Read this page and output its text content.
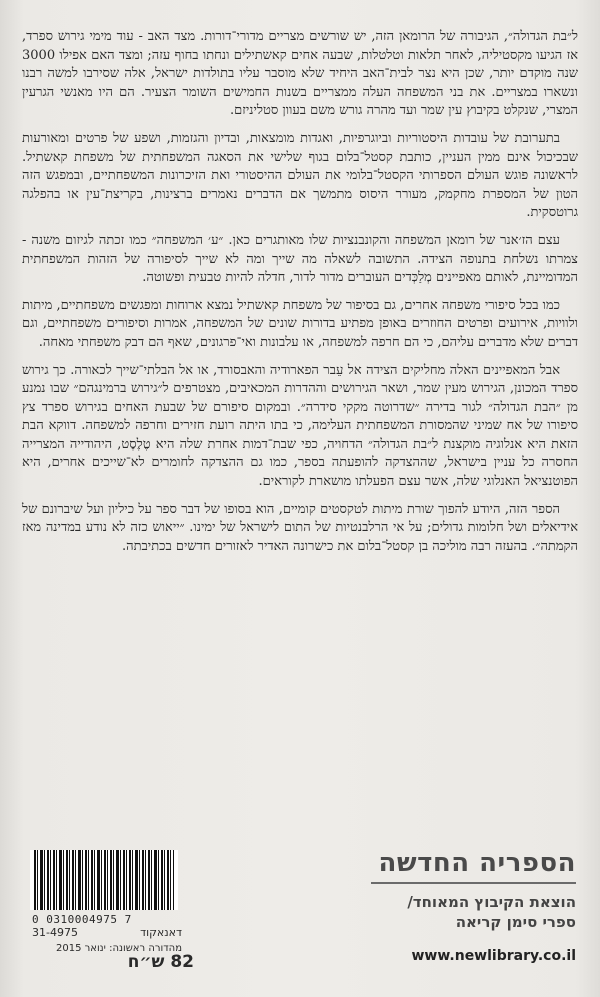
ל״בת הגדולה״, הגיבורה של הרומאן הזה, יש שורשים מצריים מדורי־דורות. מצד האב - עוד מימי גירוש ספרד, אז הגיעו מקסטיליה, לאחר תלאות וטלטלות, שבעה אחים קאשתילים ונחתו בחוף עזה; ומצד האם אפילו 3000 שנה מוקדם יותר, שכן היא נצר לבית־האב היחיד שלא מוסבר עליו בתולדות ישראל, אלה שסירבו למשה רבנו ונשארו במצריים. את בני המשפחה העלה ממצריים בשנות החמישים השומר הצעיר. הם היו מאנשי הגרעין המצרי, שנקלט בקיבוץ עין שמר ועד מהרה גורש משם בעוון סטליניזם.

בתערובת של עובדות היסטוריות וביוגרפיות, ואגדות מומצאות, ובדיון והגזמות, ושפע של פרטים ומאורעות שבכיכול אינם ממין העניין, כותבת קסטל־בלום בגוף שלישי את הסאגה המשפחתית של משפחת קאשתיל. לראשונה פוגש העולם הספרותי הקסטל־בלומי את העולם ההיסטורי ואת הזיכרונות המשפחתיים, ובמפגש הזה הטון של המספרת מחקמק, מעורר היסוס מתמשך אם הדברים נאמרים ברצינות, בקריצת־עין או בהפלגה גרוטסקית.

עצם הז׳אנר של רומאן המשפחה והקונבנציות שלו מאותגרים כאן. ״ע׳ המשפחה״ כמו זכתה לגיזום משנה - צמרתו נשלחת בתנופה הצידה. התשובה לשאלה מה שייך ומה לא שייך לסיפורה של הזהות המשפחתית המדומיינת, לאותם מאפיינים מְלַכְּדים העוברים מדור לדור, חדלה להיות טבעית ופשוטה.

כמו בכל סיפורי משפחה אחרים, גם בסיפור של משפחת קאשתיל נמצא ארוחות ומפגשים משפחתיים, מיתות ולוויות, אירועים ופרטים החוזרים באופן מפתיע בדורות שונים של המשפחה, אמרות וסיפורים משפחתיים, וגם דברים שלא מדברים עליהם, כי הם חרפה למשפחה, או עלבונות ואי־פרגונים, שאף הם דבק משפחתי מאחה.

אבל המאפיינים האלה מחליקים הצידה אל עֵבר הפארודיה והאבסורד, או אל הבלתי־שייך לכאורה. כך גירוש ספרד המכונן, הגירוש מעין שמר, ושאר הגירושים וההדרות המכאיבים, מצטרפים ל״גירוש ברמינגהם״ שבו נמנע מן ״הבת הגדולה״ לגור בדירה ״שדרוטה מקקי סידרה״. ובמקום סיפורם של שבעת האחים בגירוש ספרד צץ סיפורו של אח שמיני שהמסורת המשפחתית העלימה, כי בתו היתה רועת חזירים וחרפה למשפחה. דווקא הבת הזאת היא אנלוגיה מוקצנת ל״בת הגדולה״ הדחויה, כפי שבת־דמות אחרת שלה היא טֶלֶסֶט, היהודייה המצרייה החסרה כל עניין בישראל, שההצדקה להופעתה בספר, כמו גם ההצדקה לחומרים לא־שייכים אחרים, היא הפוטנציאל האנלוגי שלה, אשר עצם הפעלתו מושארת לקוראים.

הספר הזה, היודע להפוך שורת מיתות לטקסטים קומיים, הוא בסופו של דבר ספר על כיליון ועל שיברונם של אידיאלים ושל חלומות גדולים; על אי הרלבנטיות של התום לישראל של ימינו. ״ייאוש כזה לא נודע במדינה מאז הקמתה״. בהעזה רבה מוליכה בן קסטל־בלום את כישרונה האדיר לאזורים חדשים בכתיבתה.

0 0310004975 7
31-4975	דאנאקוד
מהדורה ראשונה: ינואר 2015
82 ש״ח
הספריה החדשה
הוצאת הקיבוץ המאוחד/
ספרי סימן קריאה
www.newlibrary.co.il
